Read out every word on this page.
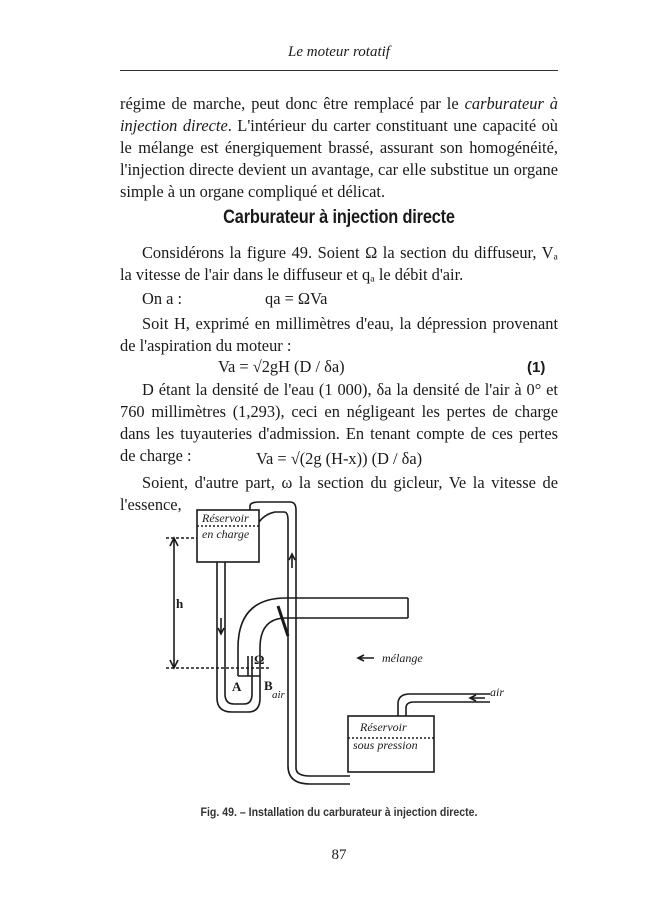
Le moteur rotatif
régime de marche, peut donc être remplacé par le carburateur à injection directe. L'intérieur du carter constituant une capacité où le mélange est énergiquement brassé, assurant son homogénéité, l'injection directe devient un avantage, car elle substitue un organe simple à un organe compliqué et délicat.
Carburateur à injection directe
Considérons la figure 49. Soient Ω la section du diffuseur, Vₐ la vitesse de l'air dans le diffuseur et qₐ le débit d'air.
On a :	qa = ΩVa
Soit H, exprimé en millimètres d'eau, la dépression provenant de l'aspiration du moteur :
Va = √2gH (D / δa)	(1)
D étant la densité de l'eau (1 000), δa la densité de l'air à 0° et 760 millimètres (1,293), ceci en négligeant les pertes de charge dans les tuyauteries d'admission. En tenant compte de ces pertes de charge :	Va = √(2g (H-x)) (D / δa)
Soient, d'autre part, ω la section du gicleur, Ve la vitesse de l'essence,
Réservoir
en charge
Réservoir
sous pression
mélange
air
air
h
Ω
A B
Fig. 49. – Installation du carburateur à injection directe.
87
